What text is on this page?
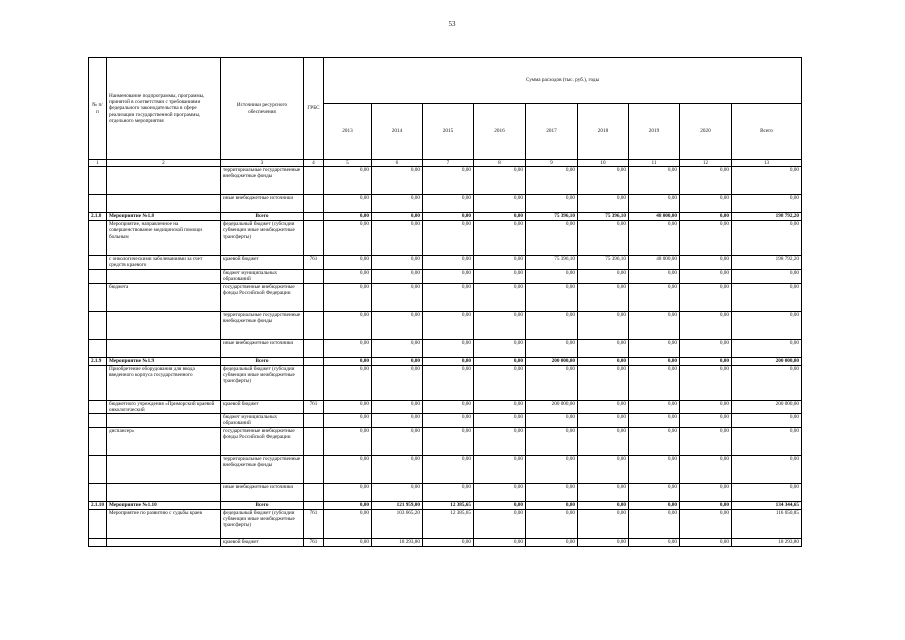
53
№ п/п	Наименование подпрограммы, программы, принятой в соответствии с требованиями федерального законодательства в сфере реализации государственной программы, отдельного мероприятия	Источники ресурсного обеспечения	ГРБС	Сумма расходов (тыс. руб.), годы								
				2013	2014	2015	2016	2017	2018	2019	2020	Всего
1	2	3	4	5	6	7	8	9	10	11	12	13
		территориальные государственные внебюджетные фонды		0,00	0,00	0,00	0,00	0,00	0,00	0,00	0,00	0,00
		иные внебюджетные источники		0,00	0,00	0,00	0,00	0,00	0,00	0,00	0,00	0,00
2.1.8	Мероприятие №1.8	Всего		0,00	0,00	0,00	0,00	75 396,10	75 396,10	48 000,00	0,00	198 792,20
	Мероприятие, направленное на совершенствование медицинской помощи больным	федеральный бюджет (субсидии субвенции иные межбюджетные трансферты)		0,00	0,00	0,00	0,00	0,00	0,00	0,00	0,00	0,00
	с онкологическими заболеваниями за счет средств краевого	краевой бюджет	761	0,00	0,00	0,00	0,00	75 396,10	75 396,10	48 000,00	0,00	198 792,20
		бюджет муниципальных образований		0,00	0,00	0,00	0,00	0,00	0,00	0,00	0,00	0,00
	бюджета	государственные внебюджетные фонды Российской Федерации		0,00	0,00	0,00	0,00	0,00	0,00	0,00	0,00	0,00
		территориальные государственные внебюджетные фонды		0,00	0,00	0,00	0,00	0,00	0,00	0,00	0,00	0,00
		иные внебюджетные источники		0,00	0,00	0,00	0,00	0,00	0,00	0,00	0,00	0,00
2.1.9	Мероприятие №1.9	Всего		0,00	0,00	0,00	0,00	200 000,00	0,00	0,00	0,00	200 000,00
	Приобретение оборудования для ввода введенного корпуса государственного	федеральный бюджет (субсидии субвенции иные межбюджетные трансферты)		0,00	0,00	0,00	0,00	0,00	0,00	0,00	0,00	0,00
	бюджетного учреждения «Приморский краевой онкологический	краевой бюджет	761	0,00	0,00	0,00	0,00	200 000,00	0,00	0,00	0,00	200 000,00
		бюджет муниципальных образований		0,00	0,00	0,00	0,00	0,00	0,00	0,00	0,00	0,00
	диспансер»	государственные внебюджетные фонды Российской Федерации		0,00	0,00	0,00	0,00	0,00	0,00	0,00	0,00	0,00
		территориальные государственные внебюджетные фонды		0,00	0,00	0,00	0,00	0,00	0,00	0,00	0,00	0,00
		иные внебюджетные источники		0,00	0,00	0,00	0,00	0,00	0,00	0,00	0,00	0,00
2.1.10	Мероприятие №1.10	Всего		0,00	121 959,00	12 385,65	0,00	0,00	0,00	0,00	0,00	134 344,65
	Мероприятие по развитию с судьбы краев	федеральный бюджет (субсидии субвенции иные межбюджетные трансферты)	761	0,00	103 665,20	12 385,65	0,00	0,00	0,00	0,00	0,00	116 050,85
		краевой бюджет	761	0,00	18 293,80	0,00	0,00	0,00	0,00	0,00	0,00	18 293,80
